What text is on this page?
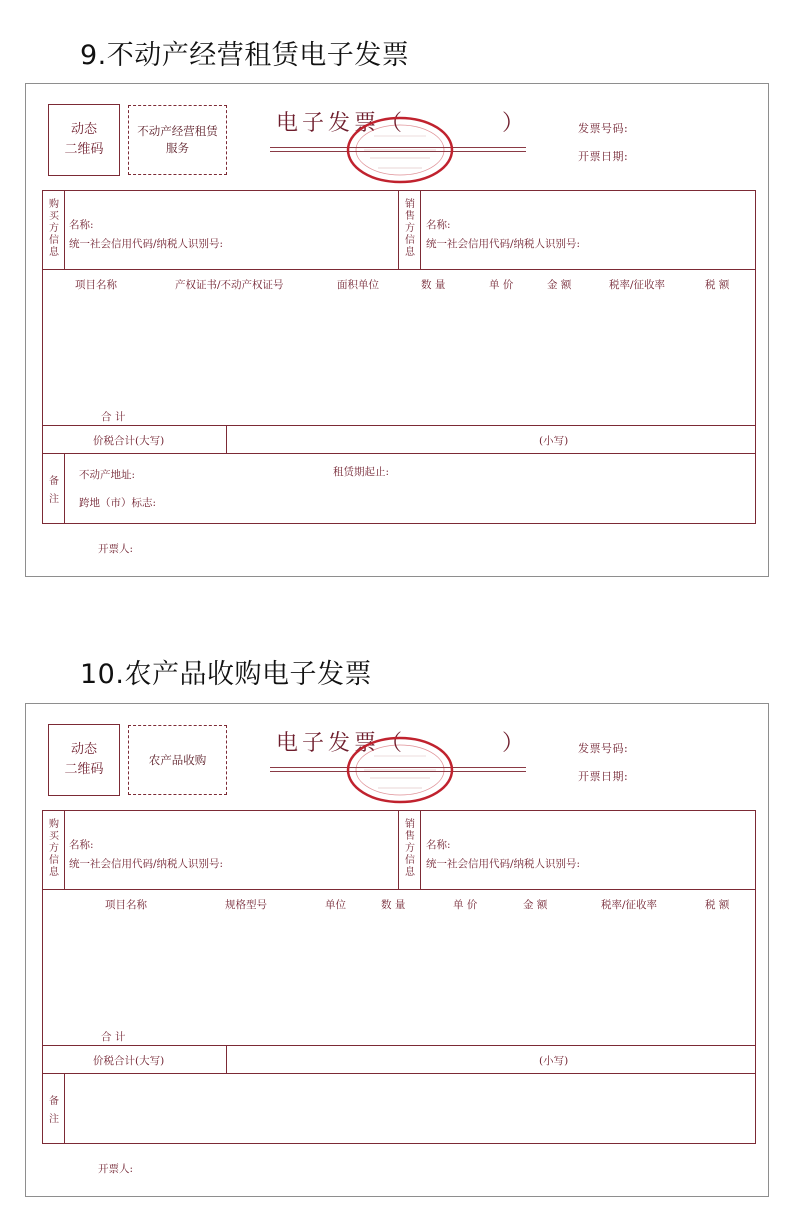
9.不动产经营租赁电子发票
动态
二维码
不动产经营租赁
服务
电子发票（	）	发票号码:
开票日期:
购
买
方
信
息
名称:
统一社会信用代码/纳税人识别号:
销
售
方
信
息
名称:
统一社会信用代码/纳税人识别号:
项目名称	产权证书/不动产权证号	面积单位	数 量	单 价	金 额	税率/征收率	税 额
合 计
价税合计(大写)	(小写)
备
注
不动产地址:	租赁期起止:
跨地（市）标志:
开票人:
10.农产品收购电子发票
动态
二维码
农产品收购
电子发票（	）	发票号码:
开票日期:
购
买
方
信
息
名称:
统一社会信用代码/纳税人识别号:
销
售
方
信
息
名称:
统一社会信用代码/纳税人识别号:
项目名称	规格型号	单位	数 量	单 价	金 额	税率/征收率	税 额
合 计
价税合计(大写)	(小写)
备
注
开票人:
